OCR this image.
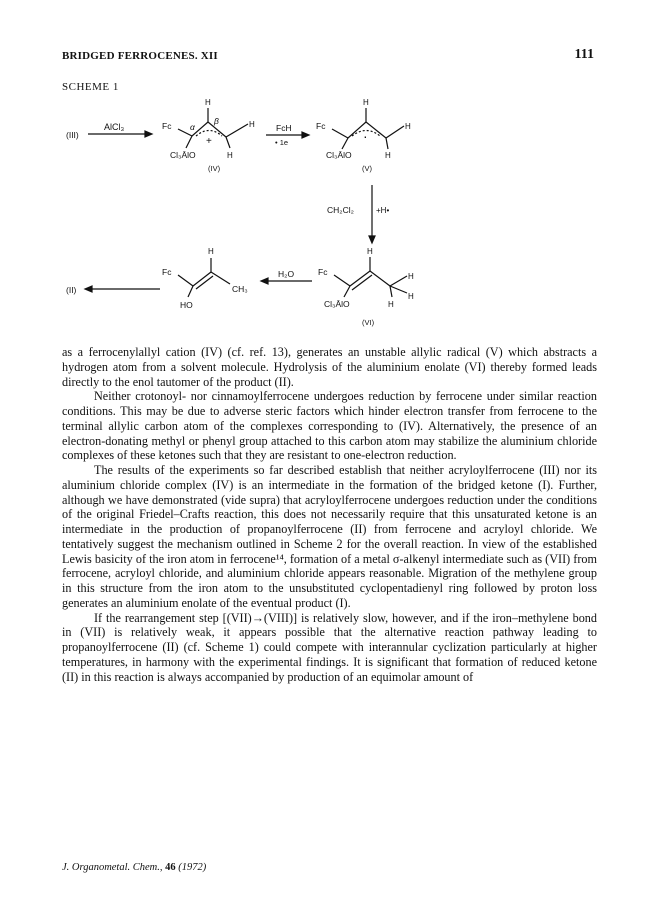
BRIDGED FERROCENES. XII	111
SCHEME 1
(III)
AlCl₃	Fc
H
β
α
+
H
Cl₃ĀlO	H
(IV)
FcH
• 1e
Fc
H
·
H
Cl₃ĀlO	H
(V)
CH₂Cl₂	+H•
(II)
Fc
H
HO
CH₃
H₂O	Fc
H
H
H
Cl₃ĀlO	H
(VI)

as a ferrocenylallyl cation (IV) (cf. ref. 13), generates an unstable allylic radical (V) which abstracts a hydrogen atom from a solvent molecule. Hydrolysis of the aluminium enolate (VI) thereby formed leads directly to the enol tautomer of the product (II).

Neither crotonoyl- nor cinnamoylferrocene undergoes reduction by ferrocene under similar reaction conditions. This may be due to adverse steric factors which hinder electron transfer from ferrocene to the terminal allylic carbon atom of the complexes corresponding to (IV). Alternatively, the presence of an electron-donating methyl or phenyl group attached to this carbon atom may stabilize the aluminium chloride complexes of these ketones such that they are resistant to one-electron reduction.

The results of the experiments so far described establish that neither acryloylferrocene (III) nor its aluminium chloride complex (IV) is an intermediate in the formation of the bridged ketone (I). Further, although we have demonstrated (vide supra) that acryloylferrocene undergoes reduction under the conditions of the original Friedel–Crafts reaction, this does not necessarily require that this unsaturated ketone is an intermediate in the production of propanoylferrocene (II) from ferrocene and acryloyl chloride. We tentatively suggest the mechanism outlined in Scheme 2 for the overall reaction. In view of the established Lewis basicity of the iron atom in ferrocene¹⁴, formation of a metal σ-alkenyl intermediate such as (VII) from ferrocene, acryloyl chloride, and aluminium chloride appears reasonable. Migration of the methylene group in this structure from the iron atom to the unsubstituted cyclopentadienyl ring followed by proton loss generates an aluminium enolate of the eventual product (I).

If the rearrangement step [(VII)→(VIII)] is relatively slow, however, and if the iron–methylene bond in (VII) is relatively weak, it appears possible that the alternative reaction pathway leading to propanoylferrocene (II) (cf. Scheme 1) could compete with interannular cyclization particularly at higher temperatures, in harmony with the experimental findings. It is significant that formation of reduced ketone (II) in this reaction is always accompanied by production of an equimolar amount of

J. Organometal. Chem., 46 (1972)
